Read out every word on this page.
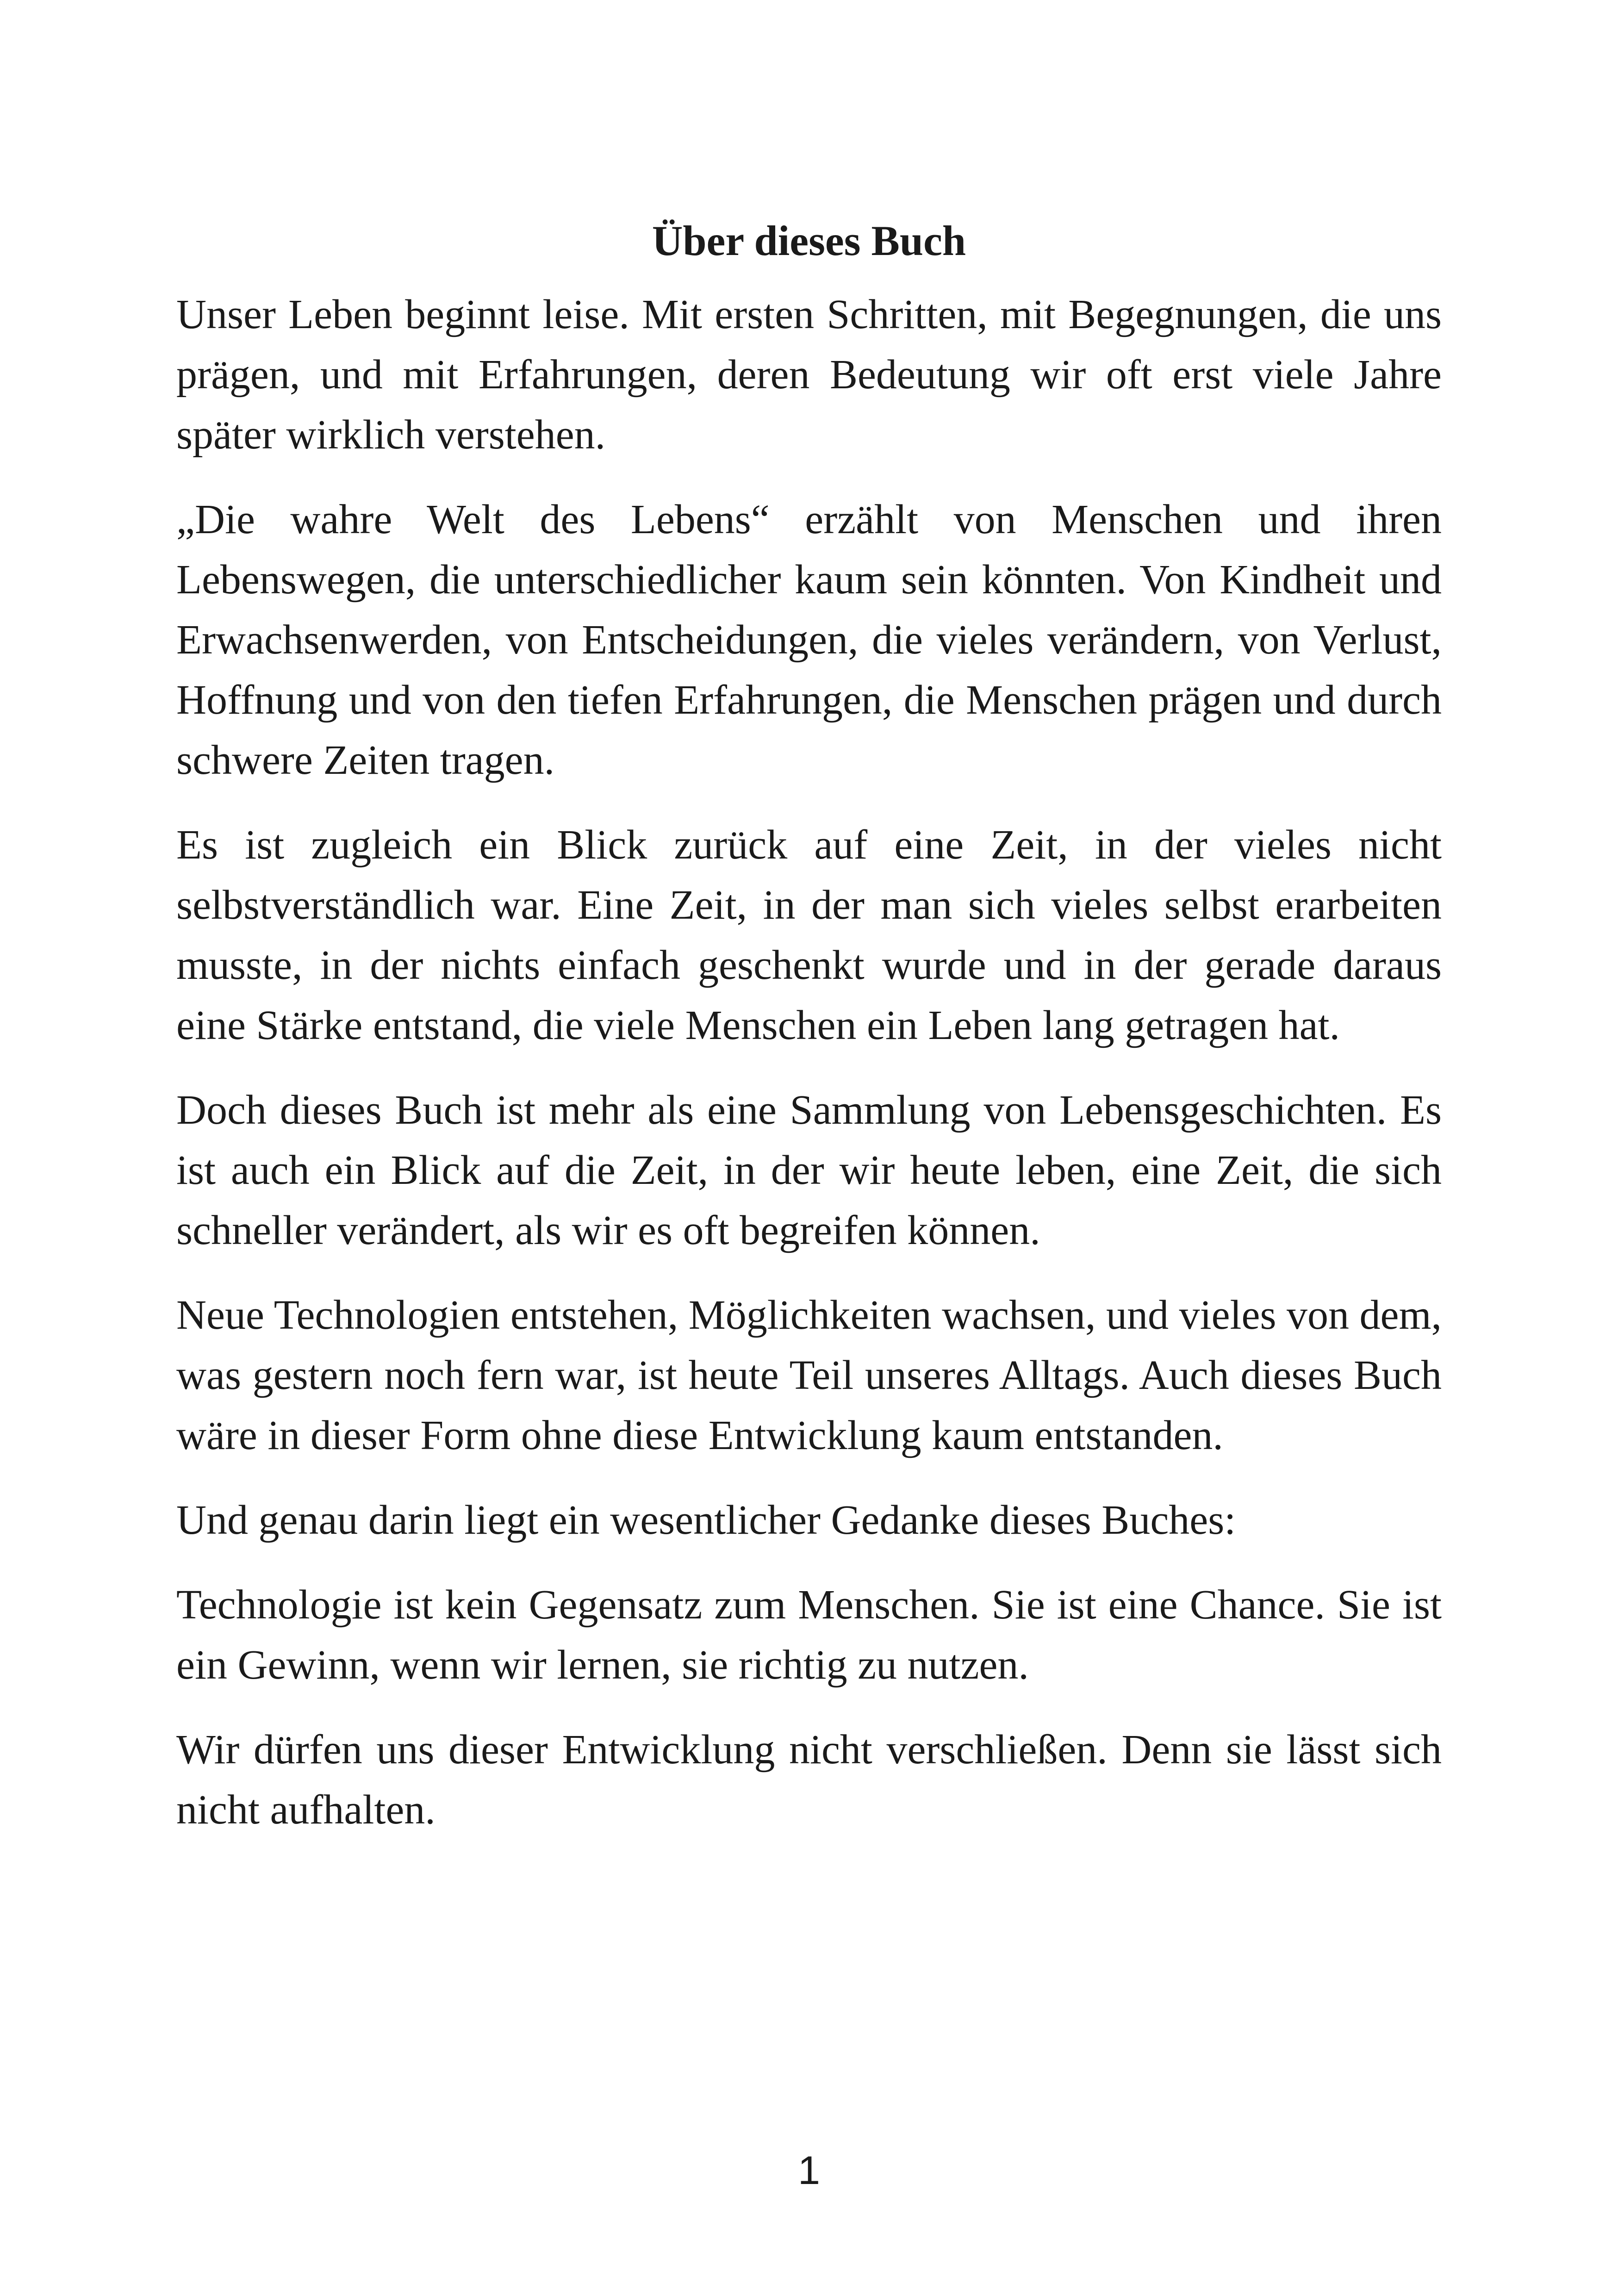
Über dieses Buch

Unser Leben beginnt leise. Mit ersten Schritten, mit Begegnungen, die uns prägen, und mit Erfahrungen, deren Bedeutung wir oft erst viele Jahre später wirklich verstehen.

„Die wahre Welt des Lebens“ erzählt von Menschen und ihren Lebenswegen, die unterschiedlicher kaum sein könnten. Von Kindheit und Erwachsenwerden, von Entscheidungen, die vieles verändern, von Verlust, Hoffnung und von den tiefen Erfahrungen, die Menschen prägen und durch schwere Zeiten tragen.

Es ist zugleich ein Blick zurück auf eine Zeit, in der vieles nicht selbstverständlich war. Eine Zeit, in der man sich vieles selbst erarbeiten musste, in der nichts einfach geschenkt wurde und in der gerade daraus eine Stärke entstand, die viele Menschen ein Leben lang getragen hat.

Doch dieses Buch ist mehr als eine Sammlung von Lebensgeschichten. Es ist auch ein Blick auf die Zeit, in der wir heute leben, eine Zeit, die sich schneller verändert, als wir es oft begreifen können.

Neue Technologien entstehen, Möglichkeiten wachsen, und vieles von dem, was gestern noch fern war, ist heute Teil unseres Alltags. Auch dieses Buch wäre in dieser Form ohne diese Entwicklung kaum entstanden.

Und genau darin liegt ein wesentlicher Gedanke dieses Buches:

Technologie ist kein Gegensatz zum Menschen. Sie ist eine Chance. Sie ist ein Gewinn, wenn wir lernen, sie richtig zu nutzen.

Wir dürfen uns dieser Entwicklung nicht verschließen. Denn sie lässt sich nicht aufhalten.

1
